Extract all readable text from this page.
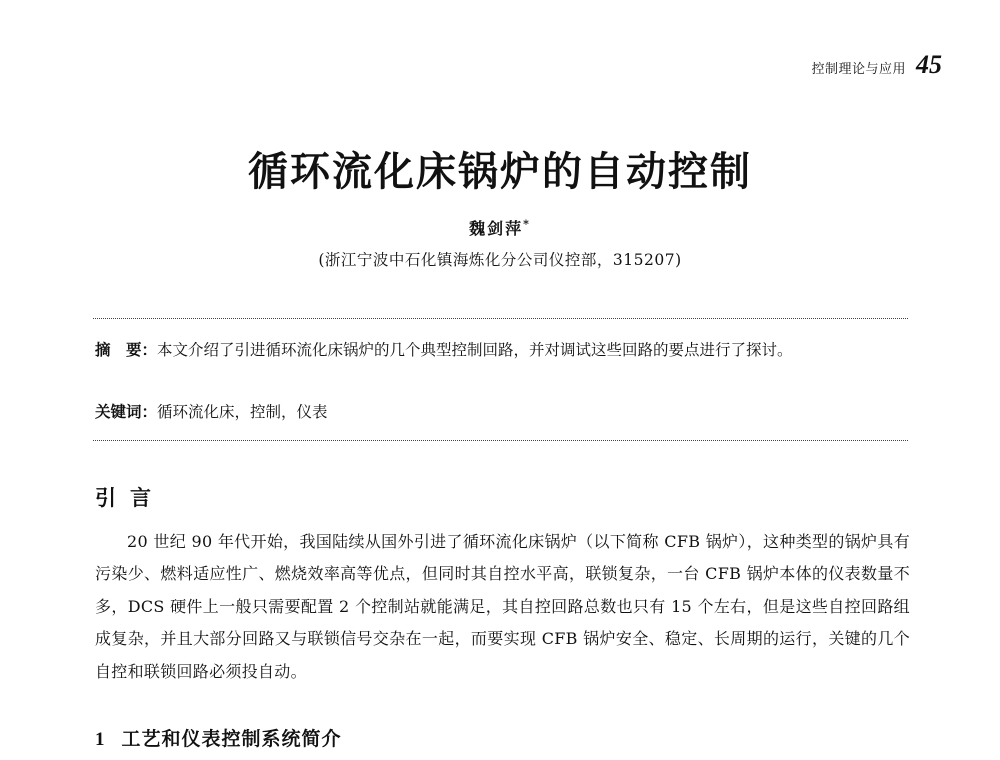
控制理论与应用 45
循环流化床锅炉的自动控制
魏剑萍*
(浙江宁波中石化镇海炼化分公司仪控部，315207)
摘　要：本文介绍了引进循环流化床锅炉的几个典型控制回路，并对调试这些回路的要点进行了探讨。
关键词：循环流化床，控制，仪表
引言

20 世纪 90 年代开始，我国陆续从国外引进了循环流化床锅炉（以下简称 CFB 锅炉），这种类型的锅炉具有污染少、燃料适应性广、燃烧效率高等优点，但同时其自控水平高，联锁复杂，一台 CFB 锅炉本体的仪表数量不多，DCS 硬件上一般只需要配置 2 个控制站就能满足，其自控回路总数也只有 15 个左右，但是这些自控回路组成复杂，并且大部分回路又与联锁信号交杂在一起，而要实现 CFB 锅炉安全、稳定、长周期的运行，关键的几个自控和联锁回路必须投自动。

1 工艺和仪表控制系统简介
